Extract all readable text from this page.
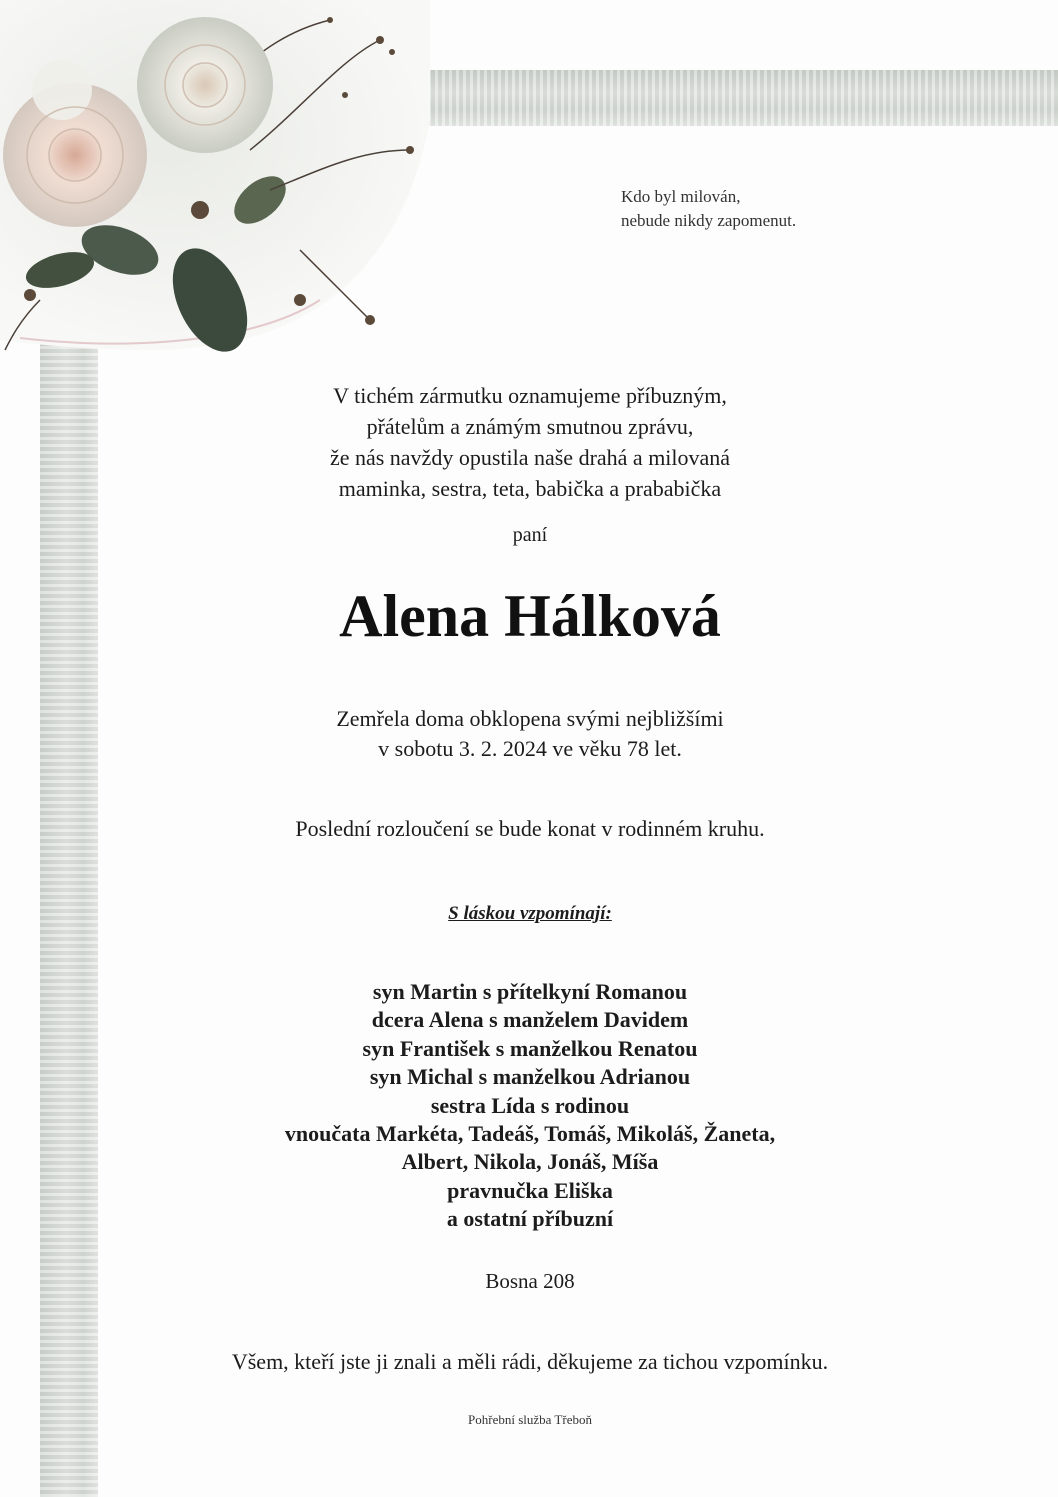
Kdo byl milován,
nebude nikdy zapomenut.
V tichém zármutku oznamujeme příbuzným,
přátelům a známým smutnou zprávu,
že nás navždy opustila naše drahá a milovaná
maminka, sestra, teta, babička a prababička
paní
Alena Hálková
Zemřela doma obklopena svými nejbližšími
v sobotu 3. 2. 2024 ve věku 78 let.
Poslední rozloučení se bude konat v rodinném kruhu.
S láskou vzpomínají:
syn Martin s přítelkyní Romanou
dcera Alena s manželem Davidem
syn František s manželkou Renatou
syn Michal s manželkou Adrianou
sestra Lída s rodinou
vnoučata Markéta, Tadeáš, Tomáš, Mikoláš, Žaneta,
Albert, Nikola, Jonáš, Míša
pravnučka Eliška
a ostatní příbuzní
Bosna 208
Všem, kteří jste ji znali a měli rádi, děkujeme za tichou vzpomínku.
Pohřební služba Třeboň
